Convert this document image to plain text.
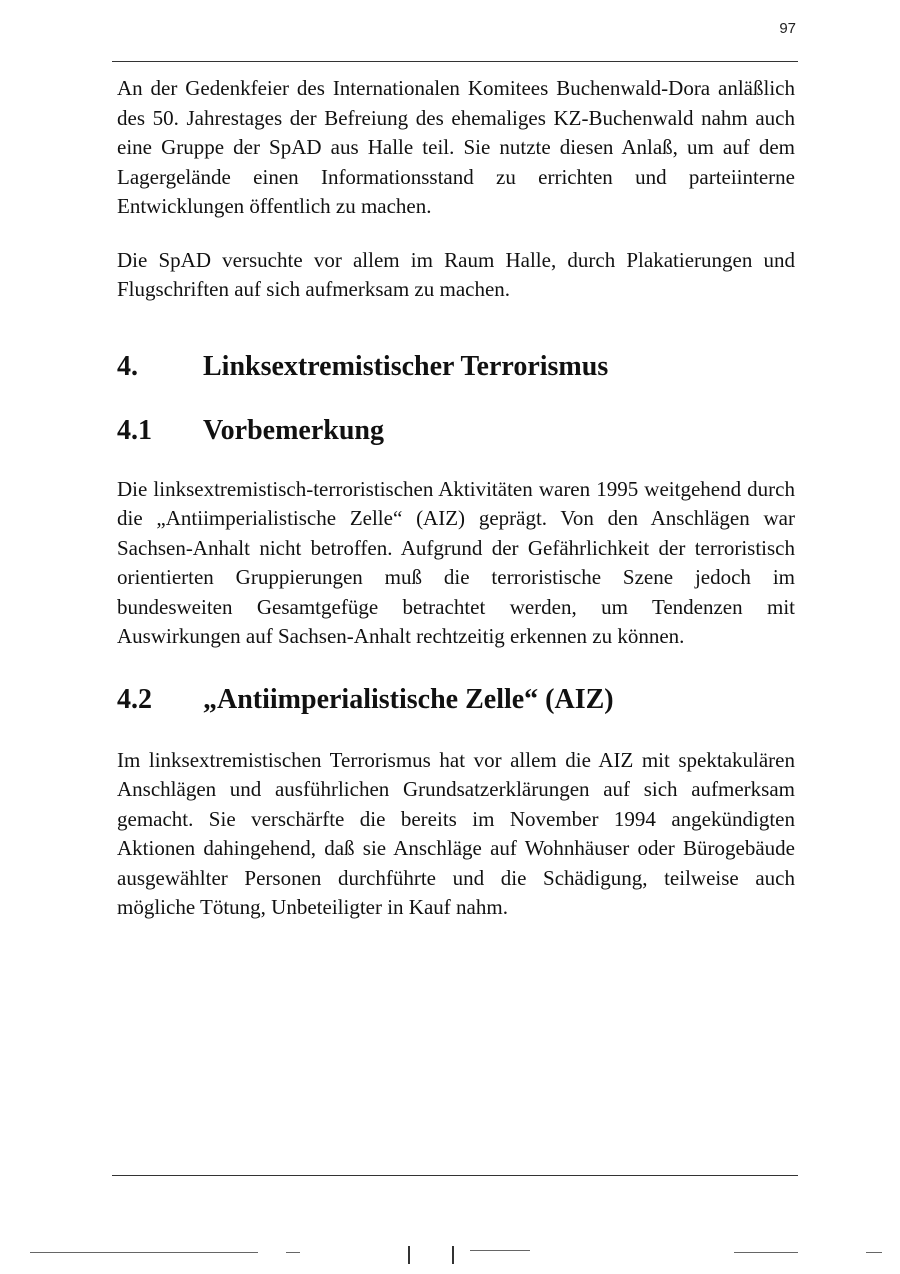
97

An der Gedenkfeier des Internationalen Komitees Buchenwald-Dora anläßlich des 50. Jahrestages der Befreiung des ehemaliges KZ-Buchenwald nahm auch eine Gruppe der SpAD aus Halle teil. Sie nutzte diesen Anlaß, um auf dem Lagergelände einen Informationsstand zu errichten und parteiinterne Entwicklungen öffentlich zu machen.

Die SpAD versuchte vor allem im Raum Halle, durch Plakatierungen und Flugschriften auf sich aufmerksam zu machen.

4.	Linksextremistischer Terrorismus
4.1	Vorbemerkung

Die linksextremistisch-terroristischen Aktivitäten waren 1995 weitgehend durch die „Antiimperialistische Zelle“ (AIZ) geprägt. Von den Anschlägen war Sachsen-Anhalt nicht betroffen. Aufgrund der Gefährlichkeit der terroristisch orientierten Gruppierungen muß die terroristische Szene jedoch im bundesweiten Gesamtgefüge betrachtet werden, um Tendenzen mit Auswirkungen auf Sachsen-Anhalt rechtzeitig erkennen zu können.

4.2	„Antiimperialistische Zelle“ (AIZ)

Im linksextremistischen Terrorismus hat vor allem die AIZ mit spektakulären Anschlägen und ausführlichen Grundsatzerklärungen auf sich aufmerksam gemacht. Sie verschärfte die bereits im November 1994 angekündigten Aktionen dahingehend, daß sie Anschläge auf Wohnhäuser oder Bürogebäude ausgewählter Personen durchführte und die Schädigung, teilweise auch mögliche Tötung, Unbeteiligter in Kauf nahm.
